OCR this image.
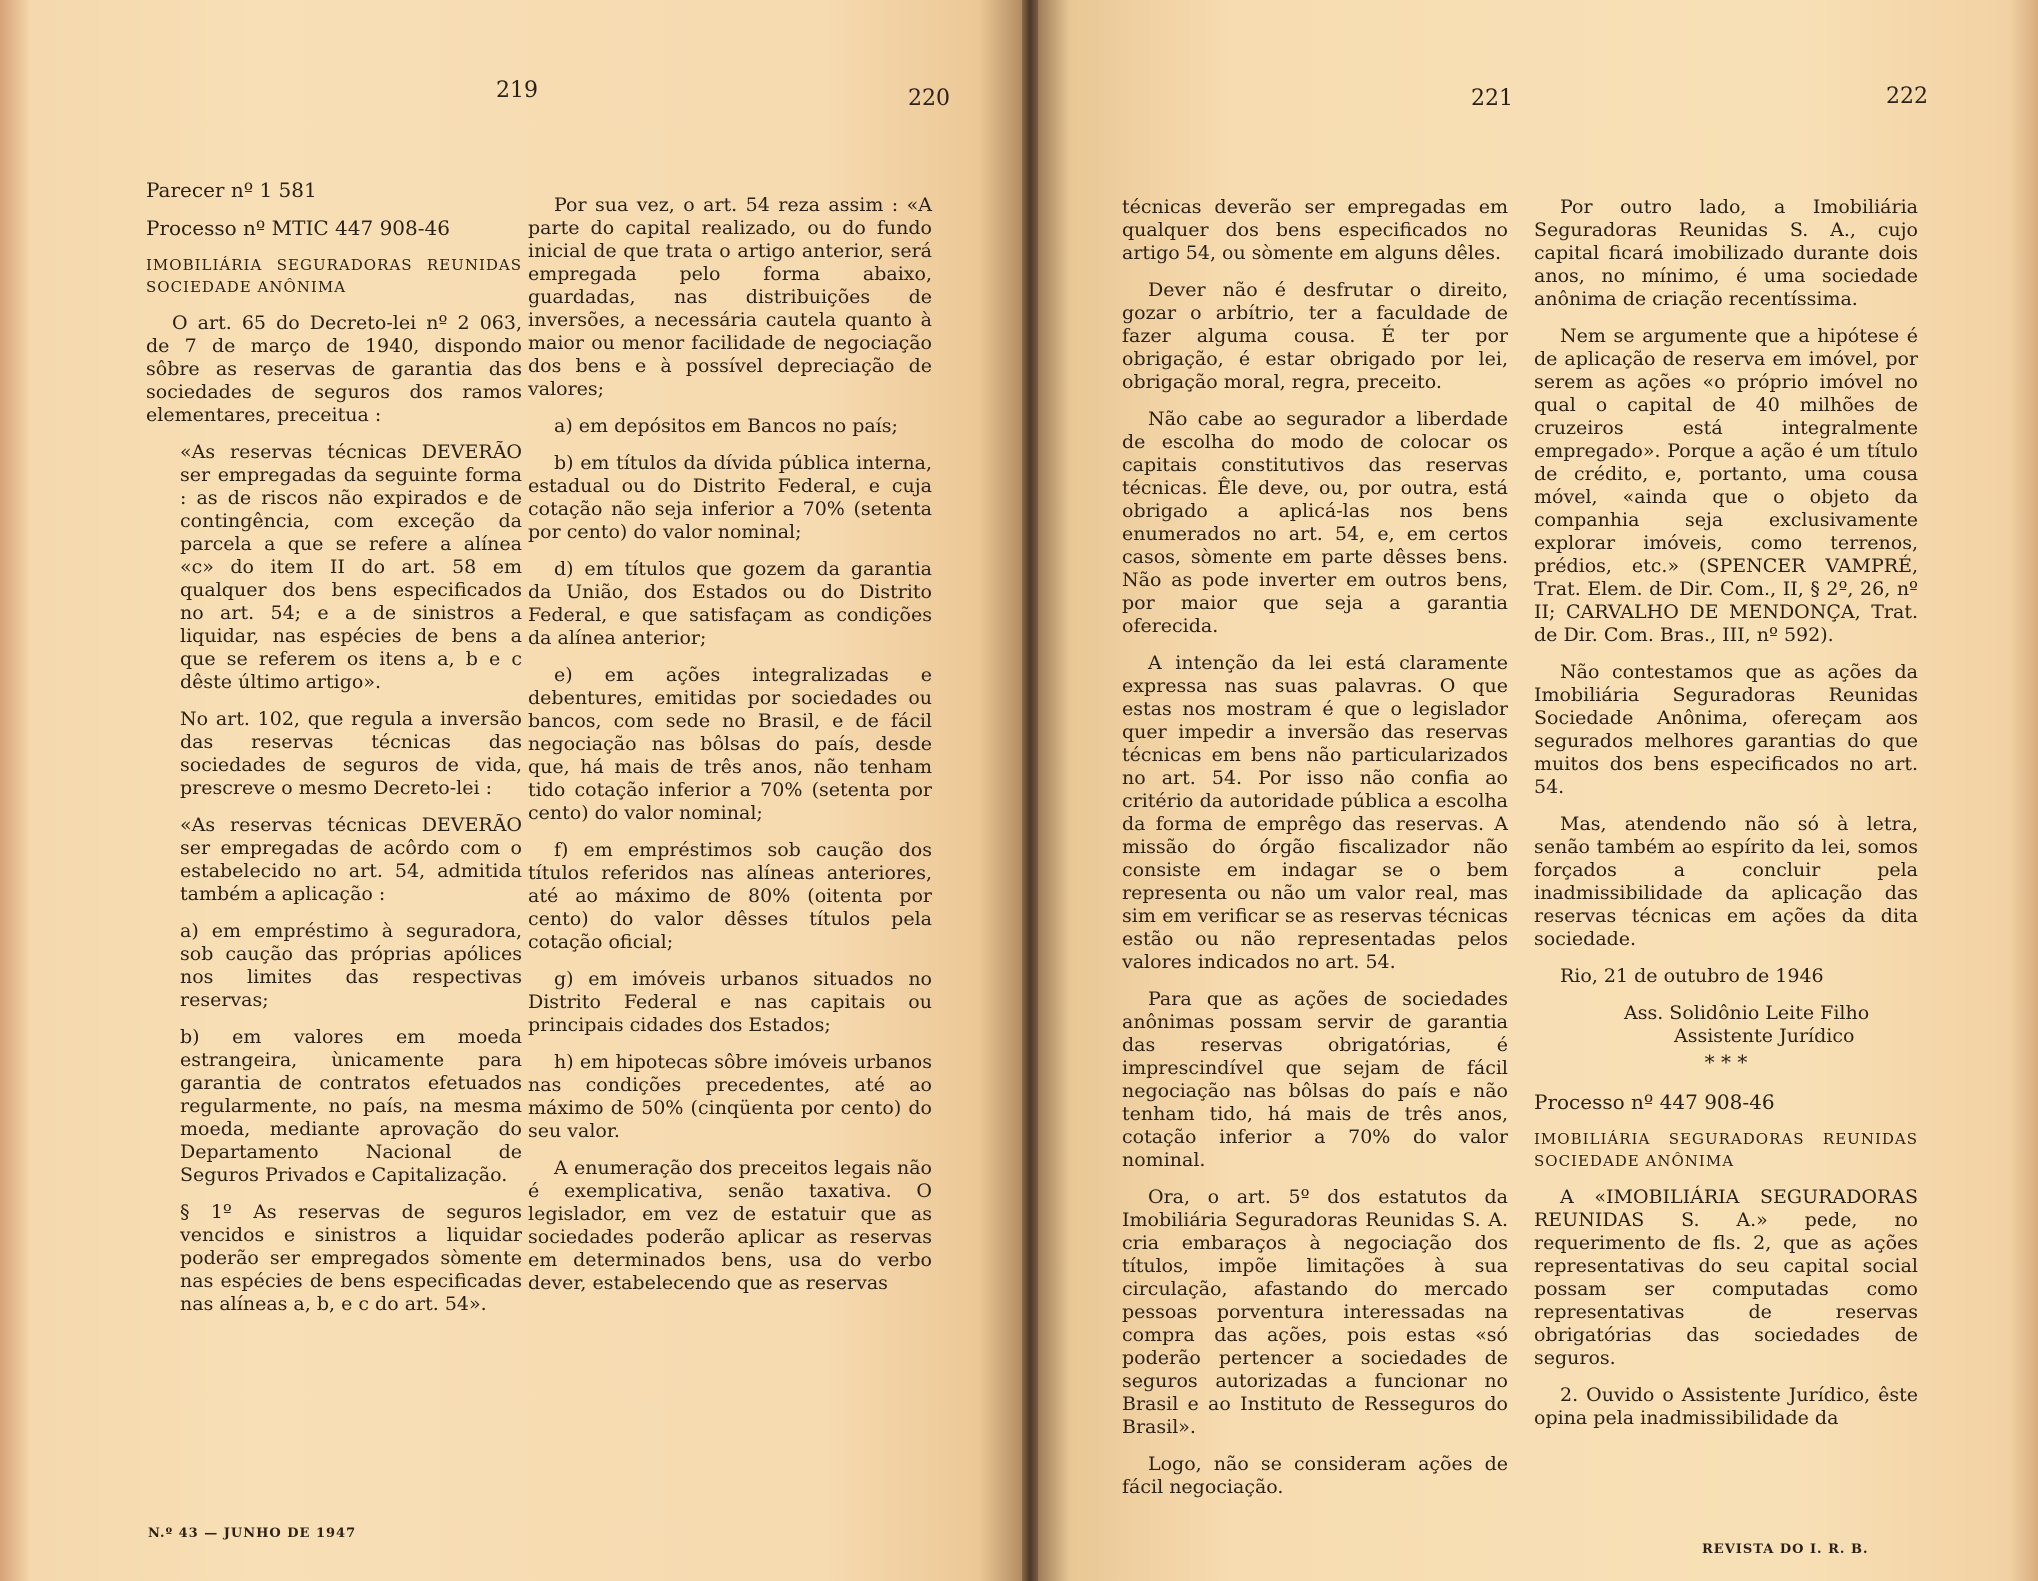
219	220	221	222

Parecer nº 1 581

Processo nº MTIC 447 908-46

IMOBILIÁRIA SEGURADORAS REUNIDAS SOCIEDADE ANÔNIMA

O art. 65 do Decreto-lei nº 2 063, de 7 de março de 1940, dispondo sôbre as reservas de garantia das sociedades de seguros dos ramos elementares, preceitua :

«As reservas técnicas DEVERÃO ser empregadas da seguinte forma : as de riscos não expirados e de contingência, com exceção da parcela a que se refere a alínea «c» do item II do art. 58 em qualquer dos bens especificados no art. 54; e a de sinistros a liquidar, nas espécies de bens a que se referem os itens a, b e c dêste último artigo».

No art. 102, que regula a inversão das reservas técnicas das sociedades de seguros de vida, prescreve o mesmo Decreto-lei :

«As reservas técnicas DEVERÃO ser empregadas de acôrdo com o estabelecido no art. 54, admitida também a aplicação :

a) em empréstimo à seguradora, sob caução das próprias apólices nos limites das respectivas reservas;

b) em valores em moeda estrangeira, ùnicamente para garantia de contratos efetuados regularmente, no país, na mesma moeda, mediante aprovação do Departamento Nacional de Seguros Privados e Capitalização.

§ 1º As reservas de seguros vencidos e sinistros a liquidar poderão ser empregados sòmente nas espécies de bens especificadas nas alíneas a, b, e c do art. 54».

Por sua vez, o art. 54 reza assim : «A parte do capital realizado, ou do fundo inicial de que trata o artigo anterior, será empregada pelo forma abaixo, guardadas, nas distribuições de inversões, a necessária cautela quanto à maior ou menor facilidade de negociação dos bens e à possível depreciação de valores;

a) em depósitos em Bancos no país;

b) em títulos da dívida pública interna, estadual ou do Distrito Federal, e cuja cotação não seja inferior a 70% (setenta por cento) do valor nominal;

d) em títulos que gozem da garantia da União, dos Estados ou do Distrito Federal, e que satisfaçam as condições da alínea anterior;

e) em ações integralizadas e debentures, emitidas por sociedades ou bancos, com sede no Brasil, e de fácil negociação nas bôlsas do país, desde que, há mais de três anos, não tenham tido cotação inferior a 70% (setenta por cento) do valor nominal;

f) em empréstimos sob caução dos títulos referidos nas alíneas anteriores, até ao máximo de 80% (oitenta por cento) do valor dêsses títulos pela cotação oficial;

g) em imóveis urbanos situados no Distrito Federal e nas capitais ou principais cidades dos Estados;

h) em hipotecas sôbre imóveis urbanos nas condições precedentes, até ao máximo de 50% (cinqüenta por cento) do seu valor.

A enumeração dos preceitos legais não é exemplicativa, senão taxativa. O legislador, em vez de estatuir que as sociedades poderão aplicar as reservas em determinados bens, usa do verbo dever, estabelecendo que as reservas

técnicas deverão ser empregadas em qualquer dos bens especificados no artigo 54, ou sòmente em alguns dêles.

Dever não é desfrutar o direito, gozar o arbítrio, ter a faculdade de fazer alguma cousa. É ter por obrigação, é estar obrigado por lei, obrigação moral, regra, preceito.

Não cabe ao segurador a liberdade de escolha do modo de colocar os capitais constitutivos das reservas técnicas. Êle deve, ou, por outra, está obrigado a aplicá-las nos bens enumerados no art. 54, e, em certos casos, sòmente em parte dêsses bens. Não as pode inverter em outros bens, por maior que seja a garantia oferecida.

A intenção da lei está claramente expressa nas suas palavras. O que estas nos mostram é que o legislador quer impedir a inversão das reservas técnicas em bens não particularizados no art. 54. Por isso não confia ao critério da autoridade pública a escolha da forma de emprêgo das reservas. A missão do órgão fiscalizador não consiste em indagar se o bem representa ou não um valor real, mas sim em verificar se as reservas técnicas estão ou não representadas pelos valores indicados no art. 54.

Para que as ações de sociedades anônimas possam servir de garantia das reservas obrigatórias, é imprescindível que sejam de fácil negociação nas bôlsas do país e não tenham tido, há mais de três anos, cotação inferior a 70% do valor nominal.

Ora, o art. 5º dos estatutos da Imobiliária Seguradoras Reunidas S. A. cria embaraços à negociação dos títulos, impõe limitações à sua circulação, afastando do mercado pessoas porventura interessadas na compra das ações, pois estas «só poderão pertencer a sociedades de seguros autorizadas a funcionar no Brasil e ao Instituto de Resseguros do Brasil».

Logo, não se consideram ações de fácil negociação.

Por outro lado, a Imobiliária Seguradoras Reunidas S. A., cujo capital ficará imobilizado durante dois anos, no mínimo, é uma sociedade anônima de criação recentíssima.

Nem se argumente que a hipótese é de aplicação de reserva em imóvel, por serem as ações «o próprio imóvel no qual o capital de 40 milhões de cruzeiros está integralmente empregado». Porque a ação é um título de crédito, e, portanto, uma cousa móvel, «ainda que o objeto da companhia seja exclusivamente explorar imóveis, como terrenos, prédios, etc.» (SPENCER VAMPRÉ, Trat. Elem. de Dir. Com., II, § 2º, 26, nº II; CARVALHO DE MENDONÇA, Trat. de Dir. Com. Bras., III, nº 592).

Não contestamos que as ações da Imobiliária Seguradoras Reunidas Sociedade Anônima, ofereçam aos segurados melhores garantias do que muitos dos bens especificados no art. 54.

Mas, atendendo não só à letra, senão também ao espírito da lei, somos forçados a concluir pela inadmissibilidade da aplicação das reservas técnicas em ações da dita sociedade.

Rio, 21 de outubro de 1946

Ass. Solidônio Leite Filho

Assistente Jurídico

* * *

Processo nº 447 908-46

IMOBILIÁRIA SEGURADORAS REUNIDAS SOCIEDADE ANÔNIMA

A «IMOBILIÁRIA SEGURADORAS REUNIDAS S. A.» pede, no requerimento de fls. 2, que as ações representativas do seu capital social possam ser computadas como representativas de reservas obrigatórias das sociedades de seguros.

2. Ouvido o Assistente Jurídico, êste opina pela inadmissibilidade da

N.º 43 — JUNHO DE 1947
REVISTA DO I. R. B.
